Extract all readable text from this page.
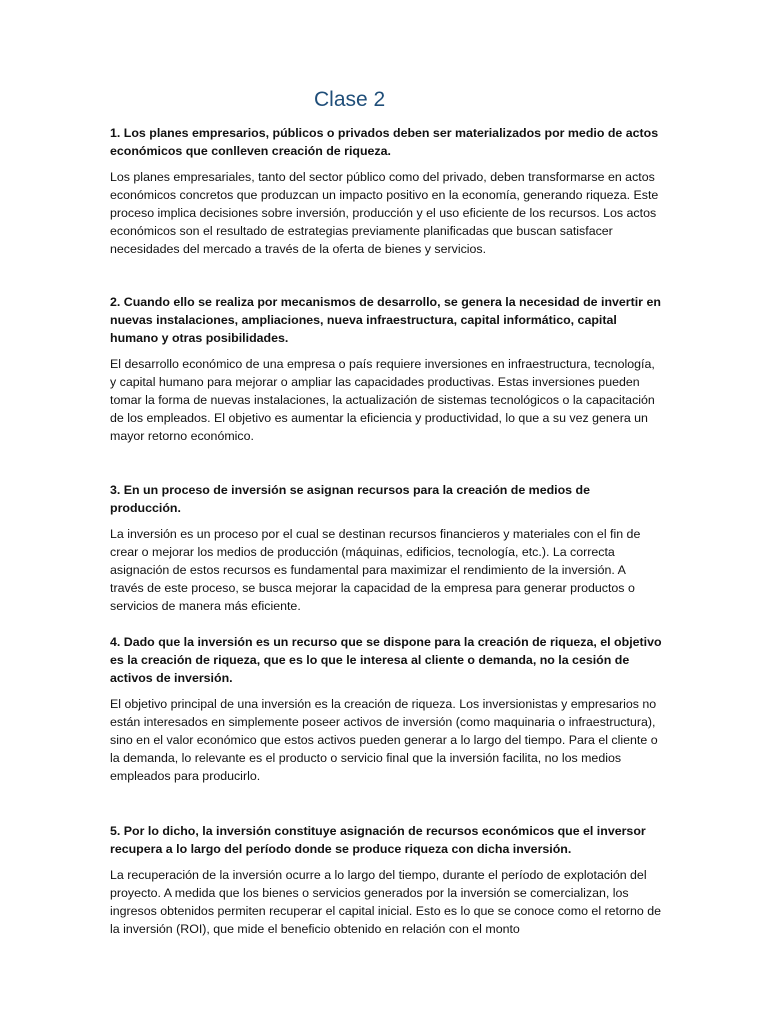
Clase 2

1. Los planes empresarios, públicos o privados deben ser materializados por medio de actos económicos que conlleven creación de riqueza.

Los planes empresariales, tanto del sector público como del privado, deben transformarse en actos económicos concretos que produzcan un impacto positivo en la economía, generando riqueza. Este proceso implica decisiones sobre inversión, producción y el uso eficiente de los recursos. Los actos económicos son el resultado de estrategias previamente planificadas que buscan satisfacer necesidades del mercado a través de la oferta de bienes y servicios.

2. Cuando ello se realiza por mecanismos de desarrollo, se genera la necesidad de invertir en nuevas instalaciones, ampliaciones, nueva infraestructura, capital informático, capital humano y otras posibilidades.

El desarrollo económico de una empresa o país requiere inversiones en infraestructura, tecnología, y capital humano para mejorar o ampliar las capacidades productivas. Estas inversiones pueden tomar la forma de nuevas instalaciones, la actualización de sistemas tecnológicos o la capacitación de los empleados. El objetivo es aumentar la eficiencia y productividad, lo que a su vez genera un mayor retorno económico.

3. En un proceso de inversión se asignan recursos para la creación de medios de producción.

La inversión es un proceso por el cual se destinan recursos financieros y materiales con el fin de crear o mejorar los medios de producción (máquinas, edificios, tecnología, etc.). La correcta asignación de estos recursos es fundamental para maximizar el rendimiento de la inversión. A través de este proceso, se busca mejorar la capacidad de la empresa para generar productos o servicios de manera más eficiente.

4. Dado que la inversión es un recurso que se dispone para la creación de riqueza, el objetivo es la creación de riqueza, que es lo que le interesa al cliente o demanda, no la cesión de activos de inversión.

El objetivo principal de una inversión es la creación de riqueza. Los inversionistas y empresarios no están interesados en simplemente poseer activos de inversión (como maquinaria o infraestructura), sino en el valor económico que estos activos pueden generar a lo largo del tiempo. Para el cliente o la demanda, lo relevante es el producto o servicio final que la inversión facilita, no los medios empleados para producirlo.

5. Por lo dicho, la inversión constituye asignación de recursos económicos que el inversor recupera a lo largo del período donde se produce riqueza con dicha inversión.

La recuperación de la inversión ocurre a lo largo del tiempo, durante el período de explotación del proyecto. A medida que los bienes o servicios generados por la inversión se comercializan, los ingresos obtenidos permiten recuperar el capital inicial. Esto es lo que se conoce como el retorno de la inversión (ROI), que mide el beneficio obtenido en relación con el monto
